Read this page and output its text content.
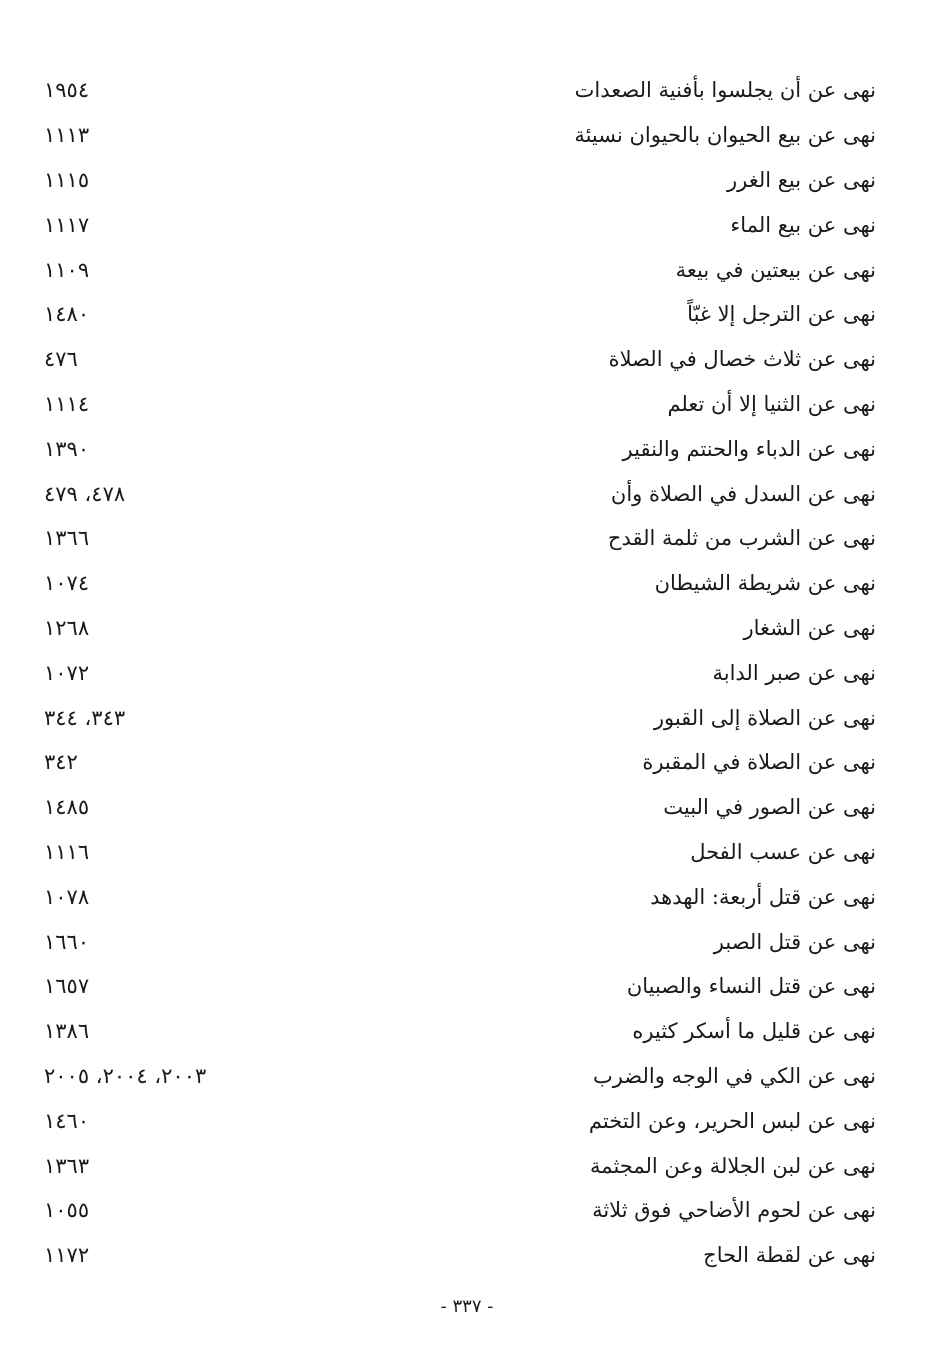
نهى عن أن يجلسوا بأفنية الصعدات
١٩٥٤
نهى عن بيع الحيوان بالحيوان نسيئة
١١١٣
نهى عن بيع الغرر
١١١٥
نهى عن بيع الماء
١١١٧
نهى عن بيعتين في بيعة
١١٠٩
نهى عن الترجل إلا غبّاً
١٤٨٠
نهى عن ثلاث خصال في الصلاة
٤٧٦
نهى عن الثنيا إلا أن تعلم
١١١٤
نهى عن الدباء والحنتم والنقير
١٣٩٠
نهى عن السدل في الصلاة وأن
٤٧٨، ٤٧٩
نهى عن الشرب من ثلمة القدح
١٣٦٦
نهى عن شريطة الشيطان
١٠٧٤
نهى عن الشغار
١٢٦٨
نهى عن صبر الدابة
١٠٧٢
نهى عن الصلاة إلى القبور
٣٤٣، ٣٤٤
نهى عن الصلاة في المقبرة
٣٤٢
نهى عن الصور في البيت
١٤٨٥
نهى عن عسب الفحل
١١١٦
نهى عن قتل أربعة: الهدهد
١٠٧٨
نهى عن قتل الصبر
١٦٦٠
نهى عن قتل النساء والصبيان
١٦٥٧
نهى عن قليل ما أسكر كثيره
١٣٨٦
نهى عن الكي في الوجه والضرب
٢٠٠٣، ٢٠٠٤، ٢٠٠٥
نهى عن لبس الحرير، وعن التختم
١٤٦٠
نهى عن لبن الجلالة وعن المجثمة
١٣٦٣
نهى عن لحوم الأضاحي فوق ثلاثة
١٠٥٥
نهى عن لقطة الحاج
١١٧٢
- ٣٣٧ -
